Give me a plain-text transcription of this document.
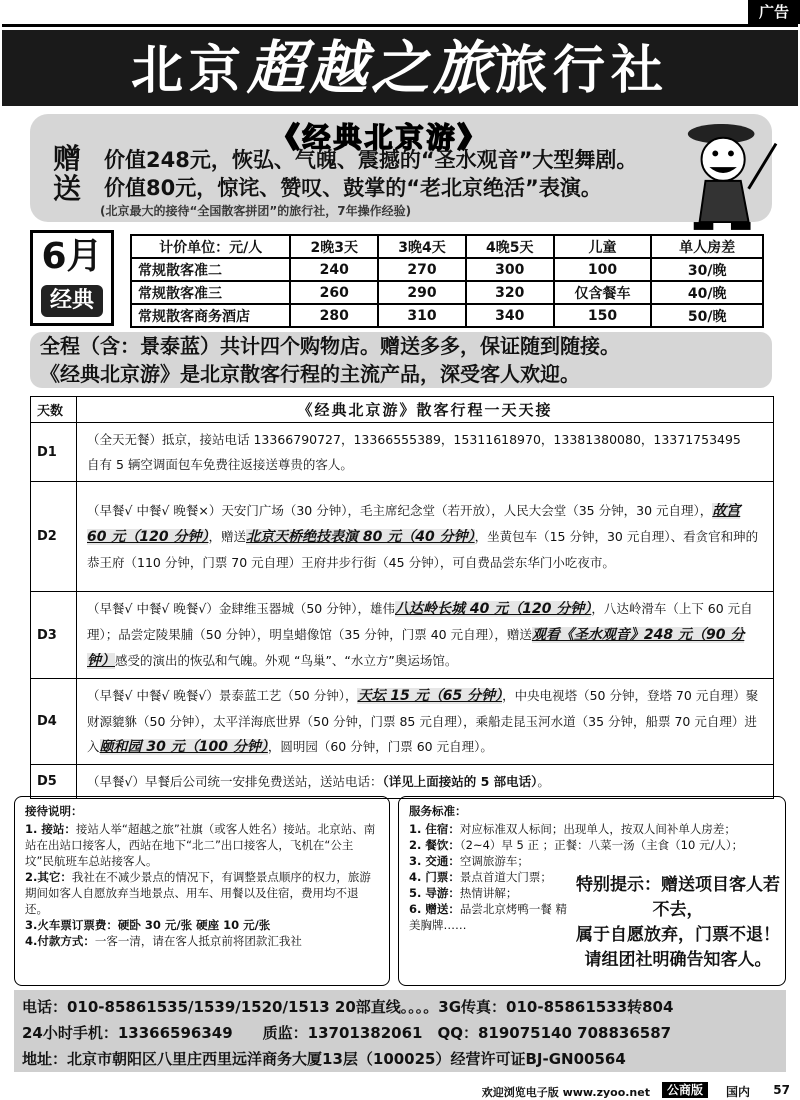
广告
北京超越之旅旅行社
《经典北京游》
赠送
价值248元，恢弘、气魄、震撼的“圣水观音”大型舞剧。
价值80元，惊诧、赞叹、鼓掌的“老北京绝活”表演。
(北京最大的接待“全国散客拼团”的旅行社，7年操作经验)
6月
经典
计价单位：元/人	2晚3天	3晚4天	4晚5天	儿童	单人房差
常规散客准二	240	270	300	100	30/晚
常规散客准三	260	290	320	仅含餐车	40/晚
常规散客商务酒店	280	310	340	150	50/晚
全程（含：景泰蓝）共计四个购物店。赠送多多，保证随到随接。
《经典北京游》是北京散客行程的主流产品，深受客人欢迎。
天数	《经典北京游》散客行程一天天接
D1	（全天无餐）抵京，接站电话 13366790727，13366555389，15311618970，13381380080，13371753495　自有 5 辆空调面包车免费往返接送尊贵的客人。
D2	（早餐√ 中餐√ 晚餐×）天安门广场（30 分钟），毛主席纪念堂（若开放），人民大会堂（35 分钟，30 元自理），故宫 60 元（120 分钟），赠送北京天桥绝技表演 80 元（40 分钟），坐黄包车（15 分钟，30 元自理）、看贪官和珅的恭王府（110 分钟，门票 70 元自理）王府井步行街（45 分钟），可自费品尝东华门小吃夜市。
D3	（早餐√ 中餐√ 晚餐√）金肆维玉器城（50 分钟），雄伟八达岭长城 40 元（120 分钟），八达岭滑车（上下 60 元自理）；品尝定陵果脯（50 分钟），明皇蜡像馆（35 分钟，门票 40 元自理），赠送观看《圣水观音》248 元（90 分钟）感受的演出的恢弘和气魄。外观 “鸟巢”、“水立方”奥运场馆。
D4	（早餐√ 中餐√ 晚餐√）景泰蓝工艺（50 分钟），天坛 15 元（65 分钟），中央电视塔（50 分钟，登塔 70 元自理）聚财源貔貅（50 分钟），太平洋海底世界（50 分钟，门票 85 元自理），乘船走昆玉河水道（35 分钟，船票 70 元自理）进入颐和园 30 元（100 分钟），圆明园（60 分钟，门票 60 元自理）。
D5	（早餐√）早餐后公司统一安排免费送站，送站电话：（详见上面接站的 5 部电话）。
接待说明：

1. 接站：接站人举“超越之旅”社旗（或客人姓名）接站。北京站、南站在出站口接客人，西站在地下“北二”出口接客人，飞机在“公主坟”民航班车总站接客人。

2.其它：我社在不减少景点的情况下，有调整景点顺序的权力，旅游期间如客人自愿放弃当地景点、用车、用餐以及住宿，费用均不退还。

3.火车票订票费：硬卧 30 元/张 硬座 10 元/张

4.付款方式：一客一清，请在客人抵京前将团款汇我社

服务标准：

1. 住宿：对应标准双人标间；出现单人，按双人间补单人房差；

2. 餐饮：（2~4）早 5 正 ；正餐：八菜一汤（主食（10 元/人）；

3. 交通：空调旅游车；

4. 门票：景点首道大门票；

5. 导游：热情讲解；

6. 赠送：品尝北京烤鸭一餐 精美胸牌……

特别提示：赠送项目客人若不去，
属于自愿放弃，门票不退！
请组团社明确告知客人。
电话：010-85861535/1539/1520/1513 20部直线。。。。3G传真：010-85861533转804
24小时手机：13366596349　　质监：13701382061　QQ：819075140 708836587
地址：北京市朝阳区八里庄西里远洋商务大厦13层（100025）经营许可证BJ-GN00564
欢迎浏览电子版 www.zyoo.net	公商版	国内 57
